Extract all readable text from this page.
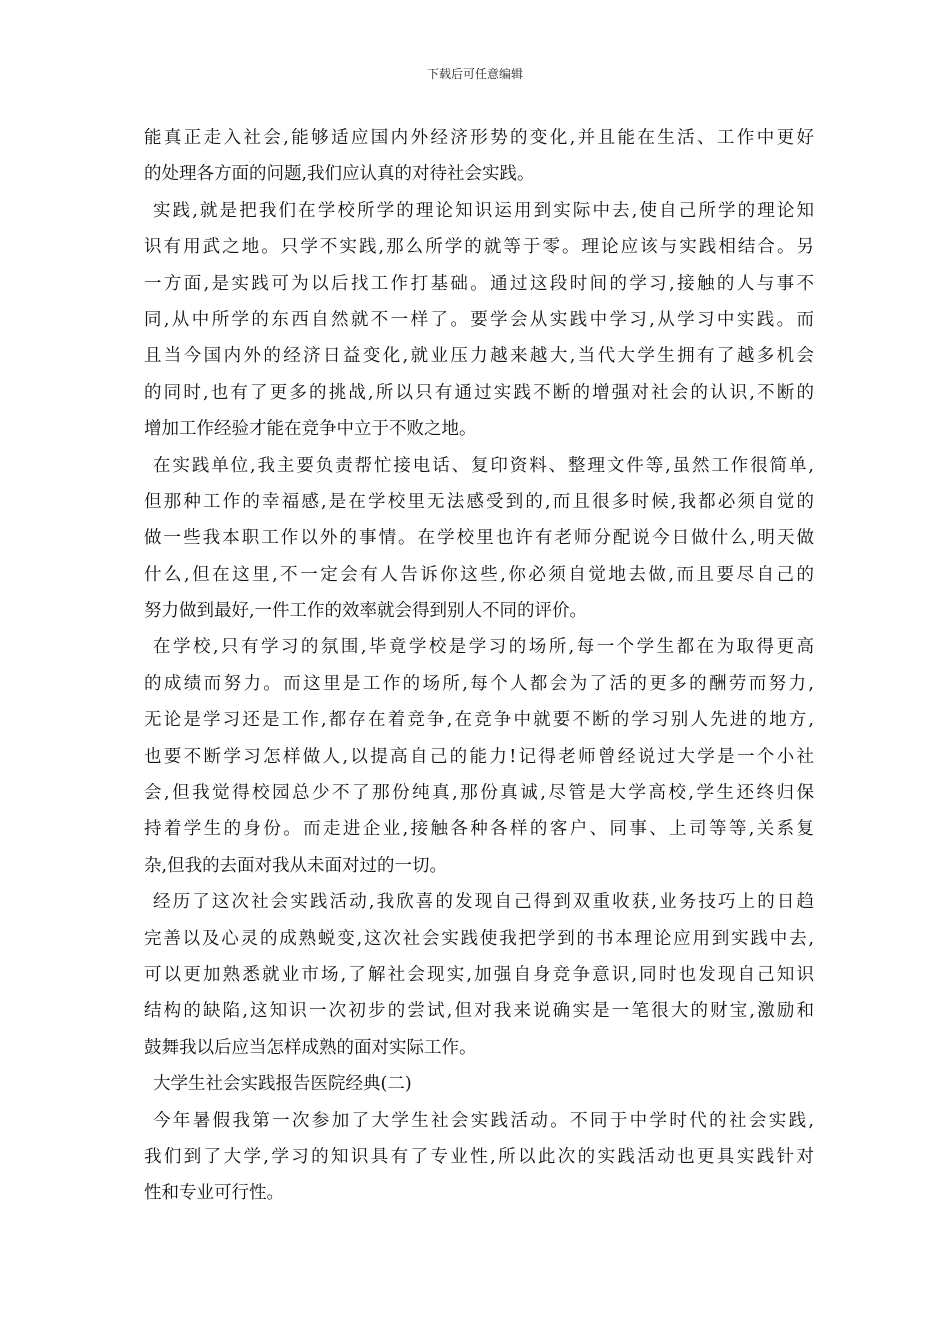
下载后可任意编辑
能真正走入社会,能够适应国内外经济形势的变化,并且能在生活、工作中更好
的处理各方面的问题,我们应认真的对待社会实践。
实践,就是把我们在学校所学的理论知识运用到实际中去,使自己所学的理论知
识有用武之地。只学不实践,那么所学的就等于零。理论应该与实践相结合。另
一方面,是实践可为以后找工作打基础。通过这段时间的学习,接触的人与事不
同,从中所学的东西自然就不一样了。要学会从实践中学习,从学习中实践。而
且当今国内外的经济日益变化,就业压力越来越大,当代大学生拥有了越多机会
的同时,也有了更多的挑战,所以只有通过实践不断的增强对社会的认识,不断的
增加工作经验才能在竞争中立于不败之地。
在实践单位,我主要负责帮忙接电话、复印资料、整理文件等,虽然工作很简单,
但那种工作的幸福感,是在学校里无法感受到的,而且很多时候,我都必须自觉的
做一些我本职工作以外的事情。在学校里也许有老师分配说今日做什么,明天做
什么,但在这里,不一定会有人告诉你这些,你必须自觉地去做,而且要尽自己的
努力做到最好,一件工作的效率就会得到别人不同的评价。
在学校,只有学习的氛围,毕竟学校是学习的场所,每一个学生都在为取得更高
的成绩而努力。而这里是工作的场所,每个人都会为了活的更多的酬劳而努力,
无论是学习还是工作,都存在着竞争,在竞争中就要不断的学习别人先进的地方,
也要不断学习怎样做人,以提高自己的能力!记得老师曾经说过大学是一个小社
会,但我觉得校园总少不了那份纯真,那份真诚,尽管是大学高校,学生还终归保
持着学生的身份。而走进企业,接触各种各样的客户、同事、上司等等,关系复
杂,但我的去面对我从未面对过的一切。
经历了这次社会实践活动,我欣喜的发现自己得到双重收获,业务技巧上的日趋
完善以及心灵的成熟蜕变,这次社会实践使我把学到的书本理论应用到实践中去,
可以更加熟悉就业市场,了解社会现实,加强自身竞争意识,同时也发现自己知识
结构的缺陷,这知识一次初步的尝试,但对我来说确实是一笔很大的财宝,激励和
鼓舞我以后应当怎样成熟的面对实际工作。
大学生社会实践报告医院经典(二)
今年暑假我第一次参加了大学生社会实践活动。不同于中学时代的社会实践,
我们到了大学,学习的知识具有了专业性,所以此次的实践活动也更具实践针对
性和专业可行性。
